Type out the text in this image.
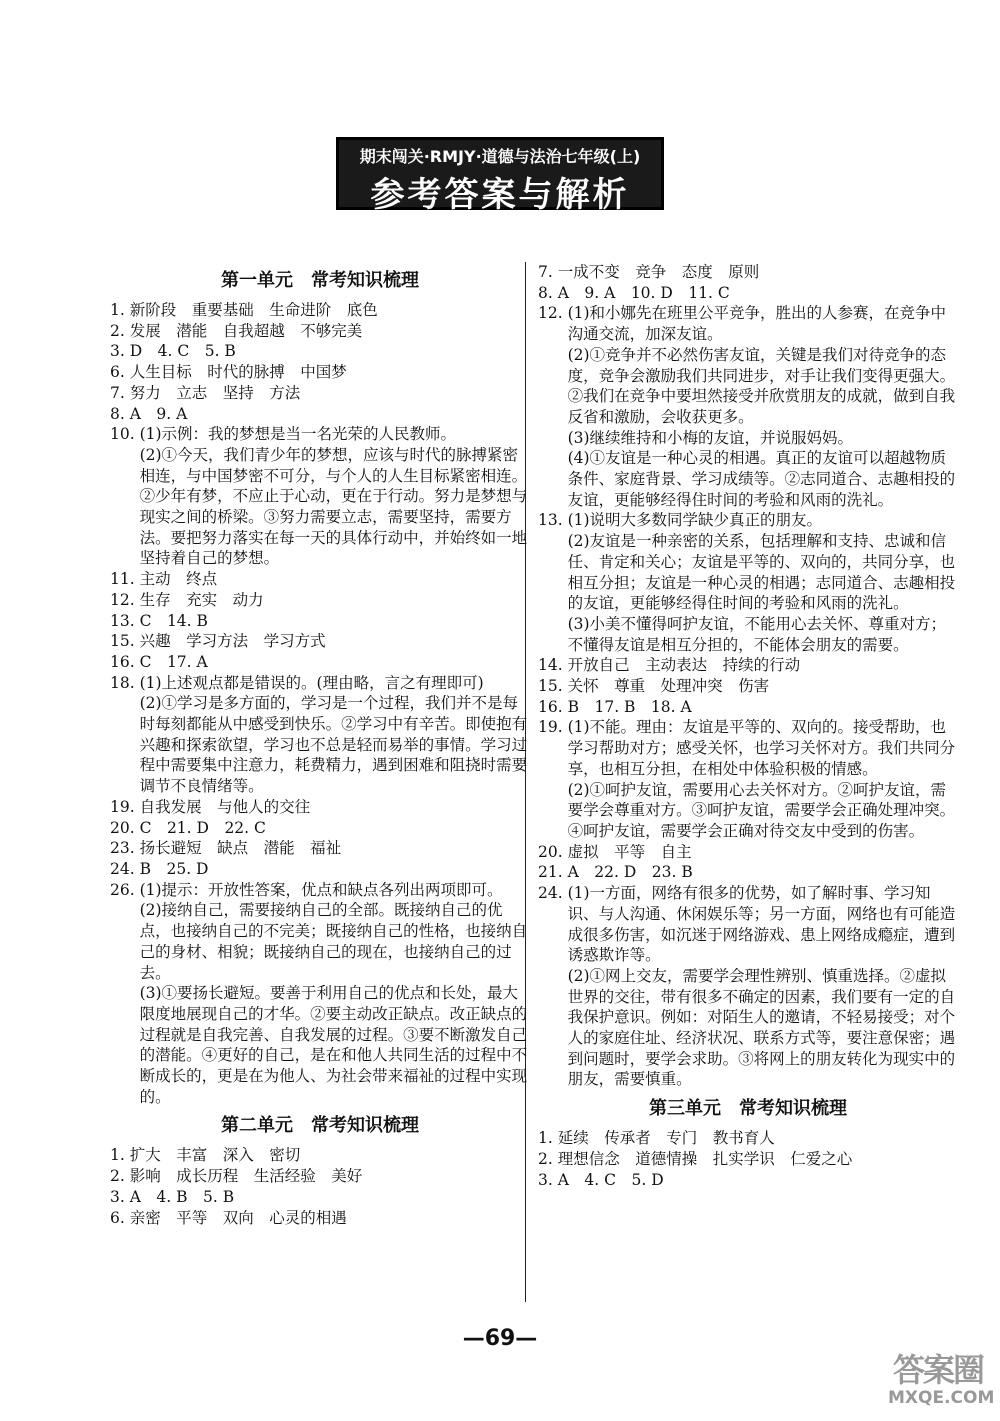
期末闯关·RMJY·道德与法治七年级(上)
参考答案与解析
第一单元　常考知识梳理
1. 新阶段　重要基础　生命进阶　底色
2. 发展　潜能　自我超越　不够完美
3. D　4. C　5. B
6. 人生目标　时代的脉搏　中国梦
7. 努力　立志　坚持　方法
8. A　9. A
10. (1)示例：我的梦想是当一名光荣的人民教师。
(2)①今天，我们青少年的梦想，应该与时代的脉搏紧密相连，与中国梦密不可分，与个人的人生目标紧密相连。②少年有梦，不应止于心动，更在于行动。努力是梦想与现实之间的桥梁。③努力需要立志，需要坚持，需要方法。要把努力落实在每一天的具体行动中，并始终如一地坚持着自己的梦想。
11. 主动　终点
12. 生存　充实　动力
13. C　14. B
15. 兴趣　学习方法　学习方式
16. C　17. A
18. (1)上述观点都是错误的。(理由略，言之有理即可)
(2)①学习是多方面的，学习是一个过程，我们并不是每时每刻都能从中感受到快乐。②学习中有辛苦。即使抱有兴趣和探索欲望，学习也不总是轻而易举的事情。学习过程中需要集中注意力，耗费精力，遇到困难和阻挠时需要调节不良情绪等。
19. 自我发展　与他人的交往
20. C　21. D　22. C
23. 扬长避短　缺点　潜能　福祉
24. B　25. D
26. (1)提示：开放性答案，优点和缺点各列出两项即可。
(2)接纳自己，需要接纳自己的全部。既接纳自己的优点，也接纳自己的不完美；既接纳自己的性格，也接纳自己的身材、相貌；既接纳自己的现在，也接纳自己的过去。
(3)①要扬长避短。要善于利用自己的优点和长处，最大限度地展现自己的才华。②要主动改正缺点。改正缺点的过程就是自我完善、自我发展的过程。③要不断激发自己的潜能。④更好的自己，是在和他人共同生活的过程中不断成长的，更是在为他人、为社会带来福祉的过程中实现的。
第二单元　常考知识梳理
1. 扩大　丰富　深入　密切
2. 影响　成长历程　生活经验　美好
3. A　4. B　5. B
6. 亲密　平等　双向　心灵的相遇
7. 一成不变　竞争　态度　原则
8. A　9. A　10. D　11. C
12. (1)和小娜先在班里公平竞争，胜出的人参赛，在竞争中沟通交流，加深友谊。
(2)①竞争并不必然伤害友谊，关键是我们对待竞争的态度，竞争会激励我们共同进步，对手让我们变得更强大。②我们在竞争中要坦然接受并欣赏朋友的成就，做到自我反省和激励，会收获更多。
(3)继续维持和小梅的友谊，并说服妈妈。
(4)①友谊是一种心灵的相遇。真正的友谊可以超越物质条件、家庭背景、学习成绩等。②志同道合、志趣相投的友谊，更能够经得住时间的考验和风雨的洗礼。
13. (1)说明大多数同学缺少真正的朋友。
(2)友谊是一种亲密的关系，包括理解和支持、忠诚和信任、肯定和关心；友谊是平等的、双向的，共同分享，也相互分担；友谊是一种心灵的相遇；志同道合、志趣相投的友谊，更能够经得住时间的考验和风雨的洗礼。
(3)小美不懂得呵护友谊，不能用心去关怀、尊重对方；不懂得友谊是相互分担的，不能体会朋友的需要。
14. 开放自己　主动表达　持续的行动
15. 关怀　尊重　处理冲突　伤害
16. B　17. B　18. A
19. (1)不能。理由：友谊是平等的、双向的。接受帮助，也学习帮助对方；感受关怀，也学习关怀对方。我们共同分享，也相互分担，在相处中体验积极的情感。
(2)①呵护友谊，需要用心去关怀对方。②呵护友谊，需要学会尊重对方。③呵护友谊，需要学会正确处理冲突。④呵护友谊，需要学会正确对待交友中受到的伤害。
20. 虚拟　平等　自主
21. A　22. D　23. B
24. (1)一方面，网络有很多的优势，如了解时事、学习知识、与人沟通、休闲娱乐等；另一方面，网络也有可能造成很多伤害，如沉迷于网络游戏、患上网络成瘾症，遭到诱惑欺诈等。
(2)①网上交友，需要学会理性辨别、慎重选择。②虚拟世界的交往，带有很多不确定的因素，我们要有一定的自我保护意识。例如：对陌生人的邀请，不轻易接受；对个人的家庭住址、经济状况、联系方式等，要注意保密；遇到问题时，要学会求助。③将网上的朋友转化为现实中的朋友，需要慎重。
第三单元　常考知识梳理
1. 延续　传承者　专门　教书育人
2. 理想信念　道德情操　扎实学识　仁爱之心
3. A　4. C　5. D
—69—
答案圈
MXQE.COM
